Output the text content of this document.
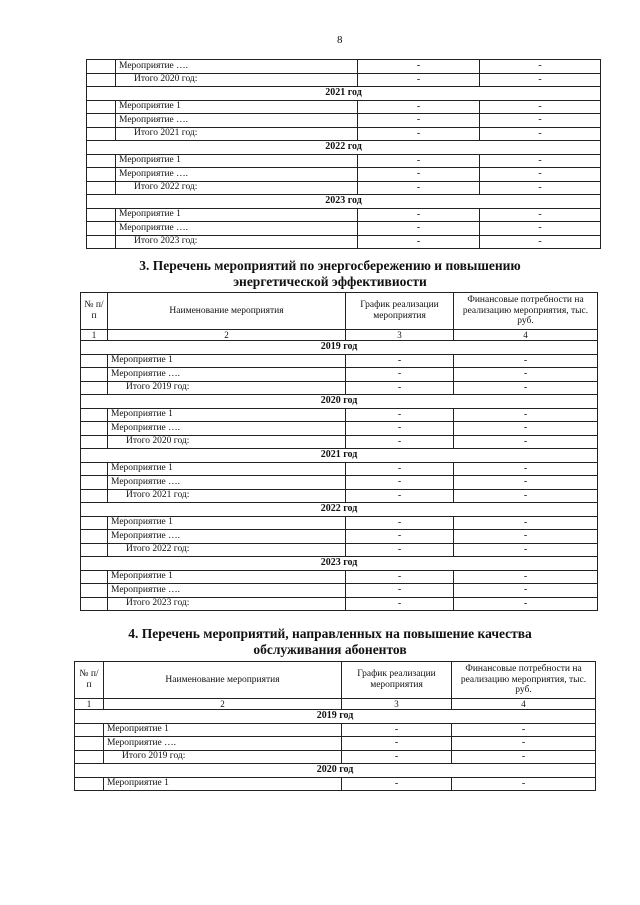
8
	Мероприятие ….	-	-
	Итого 2020 год:	-	-
2021 год			
	Мероприятие 1	-	-
	Мероприятие ….	-	-
	Итого 2021 год:	-	-
2022 год			
	Мероприятие 1	-	-
	Мероприятие ….	-	-
	Итого 2022 год:	-	-
2023 год			
	Мероприятие 1	-	-
	Мероприятие ….	-	-
	Итого 2023 год:	-	-
3. Перечень мероприятий по энергосбережению и повышению
энергетической эффективиости
№ п/п	Наименование мероприятия	График реализации мероприятия	Финансовые потребности на реализацию мероприятия, тыс. руб.
1	2	3	4
2019 год			
	Мероприятие 1	-	-
	Мероприятие ….	-	-
	Итого 2019 год:	-	-
2020 год			
	Мероприятие 1	-	-
	Мероприятие ….	-	-
	Итого 2020 год:	-	-
2021 год			
	Мероприятие 1	-	-
	Мероприятие ….	-	-
	Итого 2021 год:	-	-
2022 год			
	Мероприятие 1	-	-
	Мероприятие ….	-	-
	Итого 2022 год:	-	-
2023 год			
	Мероприятие 1	-	-
	Мероприятие ….	-	-
	Итого 2023 год:	-	-
4. Перечень мероприятий, направленных на повышение качества
обслуживания абонентов
№ п/п	Наименование мероприятия	График реализации мероприятия	Финансовые потребности на реализацию мероприятия, тыс. руб.
1	2	3	4
2019 год			
	Мероприятие 1	-	-
	Мероприятие ….	-	-
	Итого 2019 год:	-	-
2020 год			
	Мероприятие 1	-	-
